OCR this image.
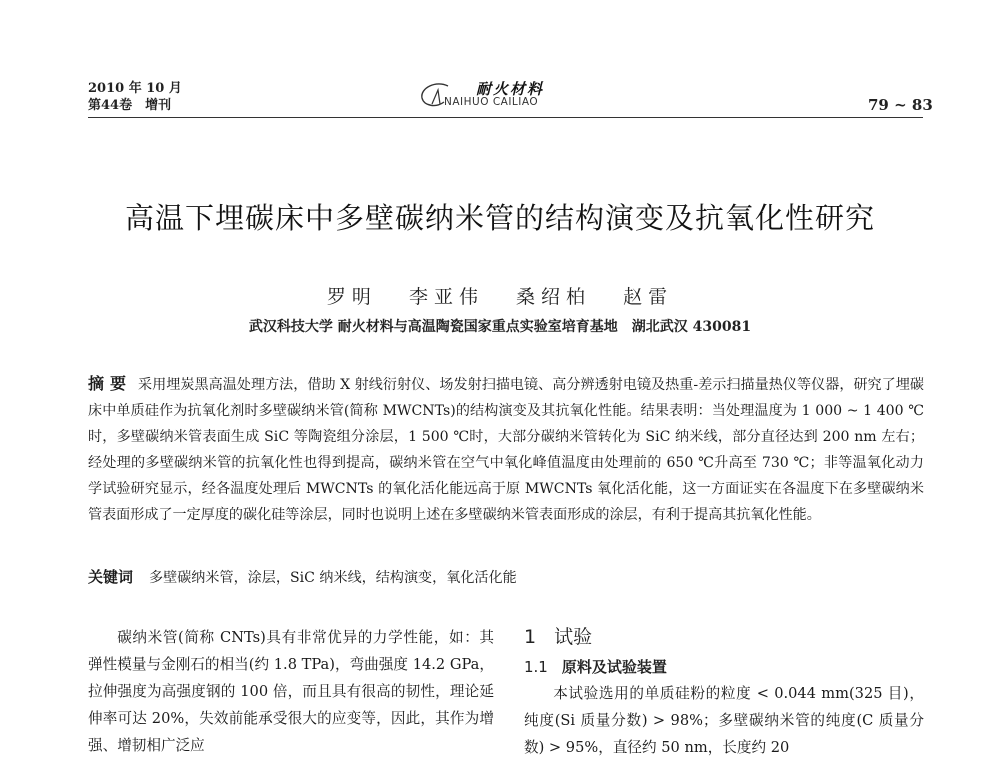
2010 年 10 月
第44卷　增刊
耐火材料
NAIHUO CAILIAO	79 ~ 83
高温下埋碳床中多壁碳纳米管的结构演变及抗氧化性研究
罗明 李亚伟 桑绍柏 赵雷
武汉科技大学 耐火材料与高温陶瓷国家重点实验室培育基地　湖北武汉 430081
摘要 采用埋炭黑高温处理方法，借助 X 射线衍射仪、场发射扫描电镜、高分辨透射电镜及热重-差示扫描量热仪等仪器，研究了埋碳床中单质硅作为抗氧化剂时多壁碳纳米管(简称 MWCNTs)的结构演变及其抗氧化性能。结果表明：当处理温度为 1 000 ~ 1 400 ℃时，多壁碳纳米管表面生成 SiC 等陶瓷组分涂层，1 500 ℃时，大部分碳纳米管转化为 SiC 纳米线，部分直径达到 200 nm 左右；经处理的多壁碳纳米管的抗氧化性也得到提高，碳纳米管在空气中氧化峰值温度由处理前的 650 ℃升高至 730 ℃；非等温氧化动力学试验研究显示，经各温度处理后 MWCNTs 的氧化活化能远高于原 MWCNTs 氧化活化能，这一方面证实在各温度下在多壁碳纳米管表面形成了一定厚度的碳化硅等涂层，同时也说明上述在多壁碳纳米管表面形成的涂层，有利于提高其抗氧化性能。
关键词 多壁碳纳米管，涂层，SiC 纳米线，结构演变，氧化活化能
碳纳米管(简称 CNTs)具有非常优异的力学性能，如：其弹性模量与金刚石的相当(约 1.8 TPa)，弯曲强度 14.2 GPa，拉伸强度为高强度钢的 100 倍，而且具有很高的韧性，理论延伸率可达 20%，失效前能承受很大的应变等，因此，其作为增强、增韧相广泛应
1 试验
1.1 原料及试验装置
本试验选用的单质硅粉的粒度 < 0.044 mm(325 目)，纯度(Si 质量分数) > 98%；多壁碳纳米管的纯度(C 质量分数) > 95%，直径约 50 nm，长度约 20
